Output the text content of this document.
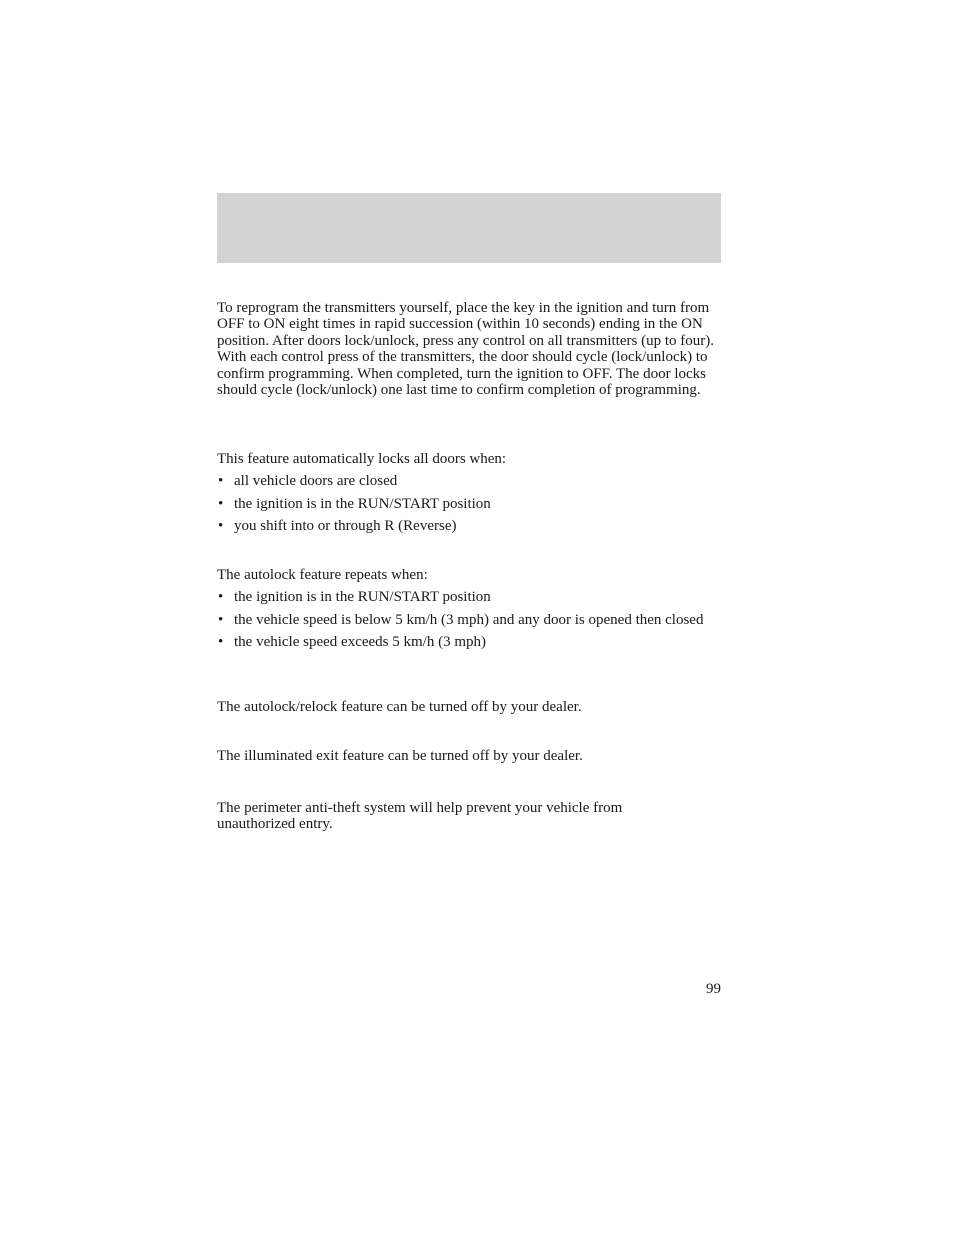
To reprogram the transmitters yourself, place the key in the ignition and turn from OFF to ON eight times in rapid succession (within 10 seconds) ending in the ON position. After doors lock/unlock, press any control on all transmitters (up to four). With each control press of the transmitters, the door should cycle (lock/unlock) to confirm programming. When completed, turn the ignition to OFF. The door locks should cycle (lock/unlock) one last time to confirm completion of programming.

This feature automatically locks all doors when:

• all vehicle doors are closed
• the ignition is in the RUN/START position
• you shift into or through R (Reverse)

The autolock feature repeats when:

• the ignition is in the RUN/START position
• the vehicle speed is below 5 km/h (3 mph) and any door is opened then closed
• the vehicle speed exceeds 5 km/h (3 mph)

The autolock/relock feature can be turned off by your dealer.

The illuminated exit feature can be turned off by your dealer.

The perimeter anti-theft system will help prevent your vehicle from unauthorized entry.

99
